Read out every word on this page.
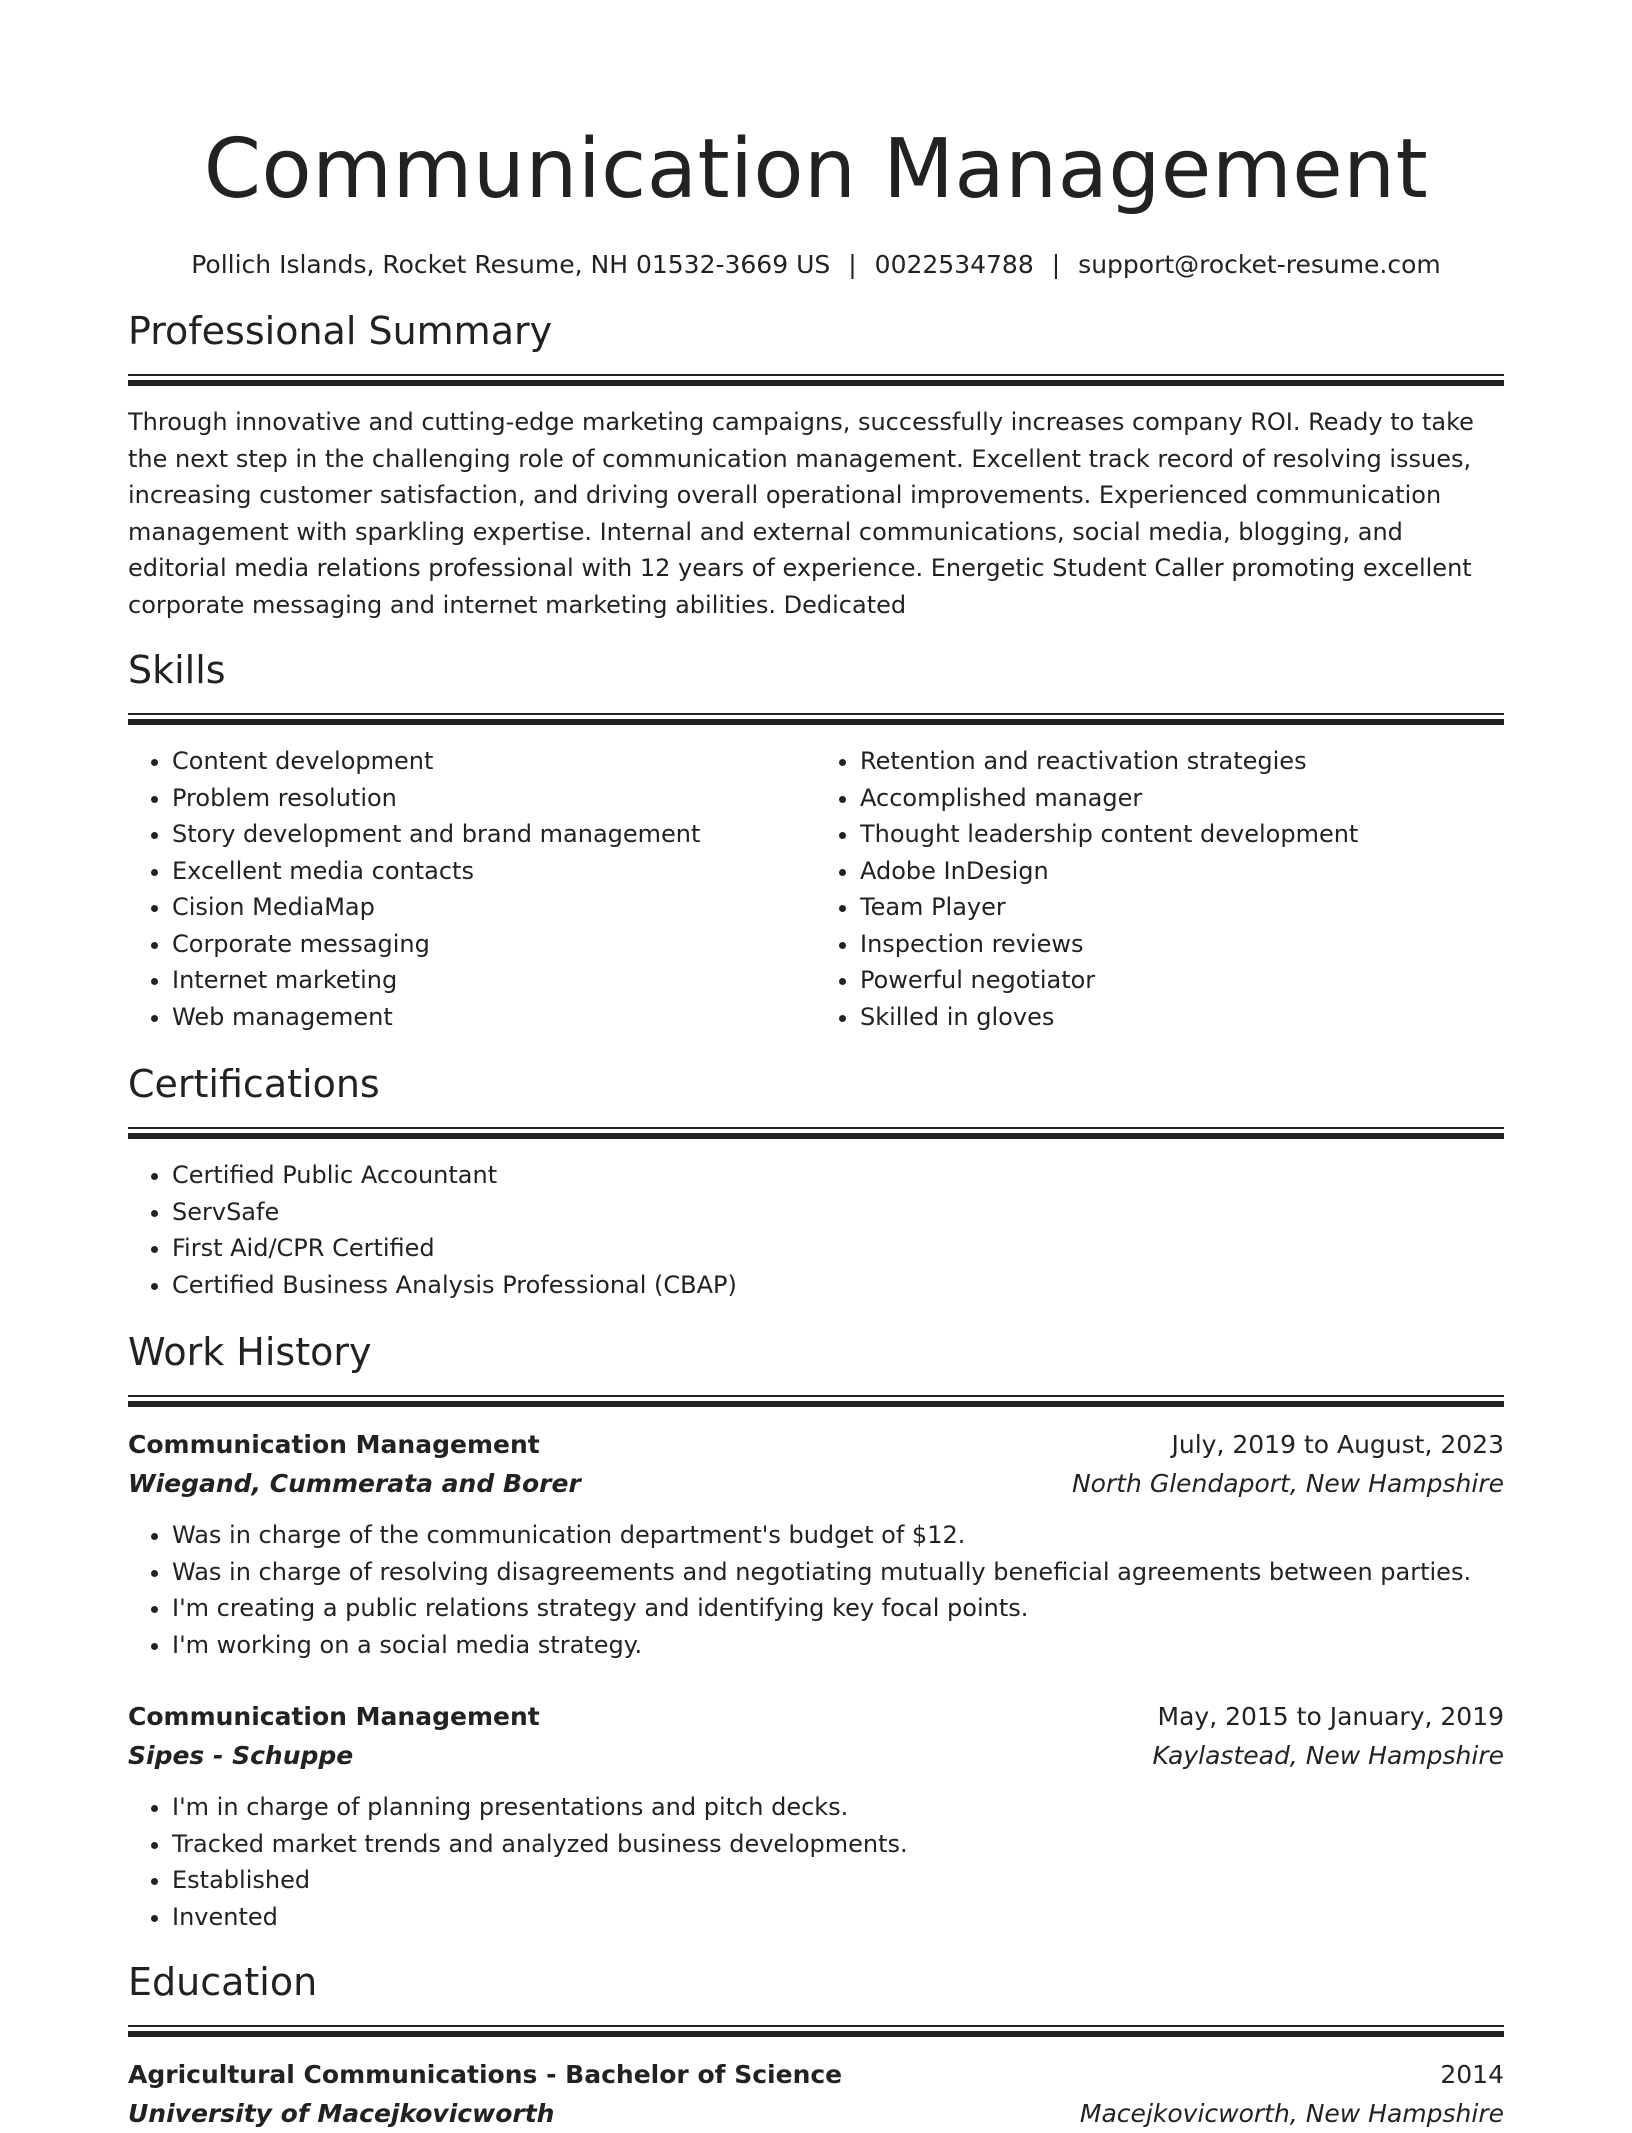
Communication Management
Pollich Islands, Rocket Resume, NH 01532-3669 US | 0022534788 | support@rocket-resume.com
Professional Summary

Through innovative and cutting-edge marketing campaigns, successfully increases company ROI. Ready to take the next step in the challenging role of communication management. Excellent track record of resolving issues, increasing customer satisfaction, and driving overall operational improvements. Experienced communication management with sparkling expertise. Internal and external communications, social media, blogging, and editorial media relations professional with 12 years of experience. Energetic Student Caller promoting excellent corporate messaging and internet marketing abilities. Dedicated

Skills
• Content development
• Problem resolution
• Story development and brand management
• Excellent media contacts
• Cision MediaMap
• Corporate messaging
• Internet marketing
• Web management
• Retention and reactivation strategies
• Accomplished manager
• Thought leadership content development
• Adobe InDesign
• Team Player
• Inspection reviews
• Powerful negotiator
• Skilled in gloves
Certifications
• Certified Public Accountant
• ServSafe
• First Aid/CPR Certified
• Certified Business Analysis Professional (CBAP)
Work History
Communication Management	July, 2019 to August, 2023
Wiegand, Cummerata and Borer	North Glendaport, New Hampshire
• Was in charge of the communication department's budget of $12.
• Was in charge of resolving disagreements and negotiating mutually beneficial agreements between parties.
• I'm creating a public relations strategy and identifying key focal points.
• I'm working on a social media strategy.
Communication Management	May, 2015 to January, 2019
Sipes - Schuppe	Kaylastead, New Hampshire
• I'm in charge of planning presentations and pitch decks.
• Tracked market trends and analyzed business developments.
• Established
• Invented
Education
Agricultural Communications - Bachelor of Science	2014
University of Macejkovicworth	Macejkovicworth, New Hampshire
